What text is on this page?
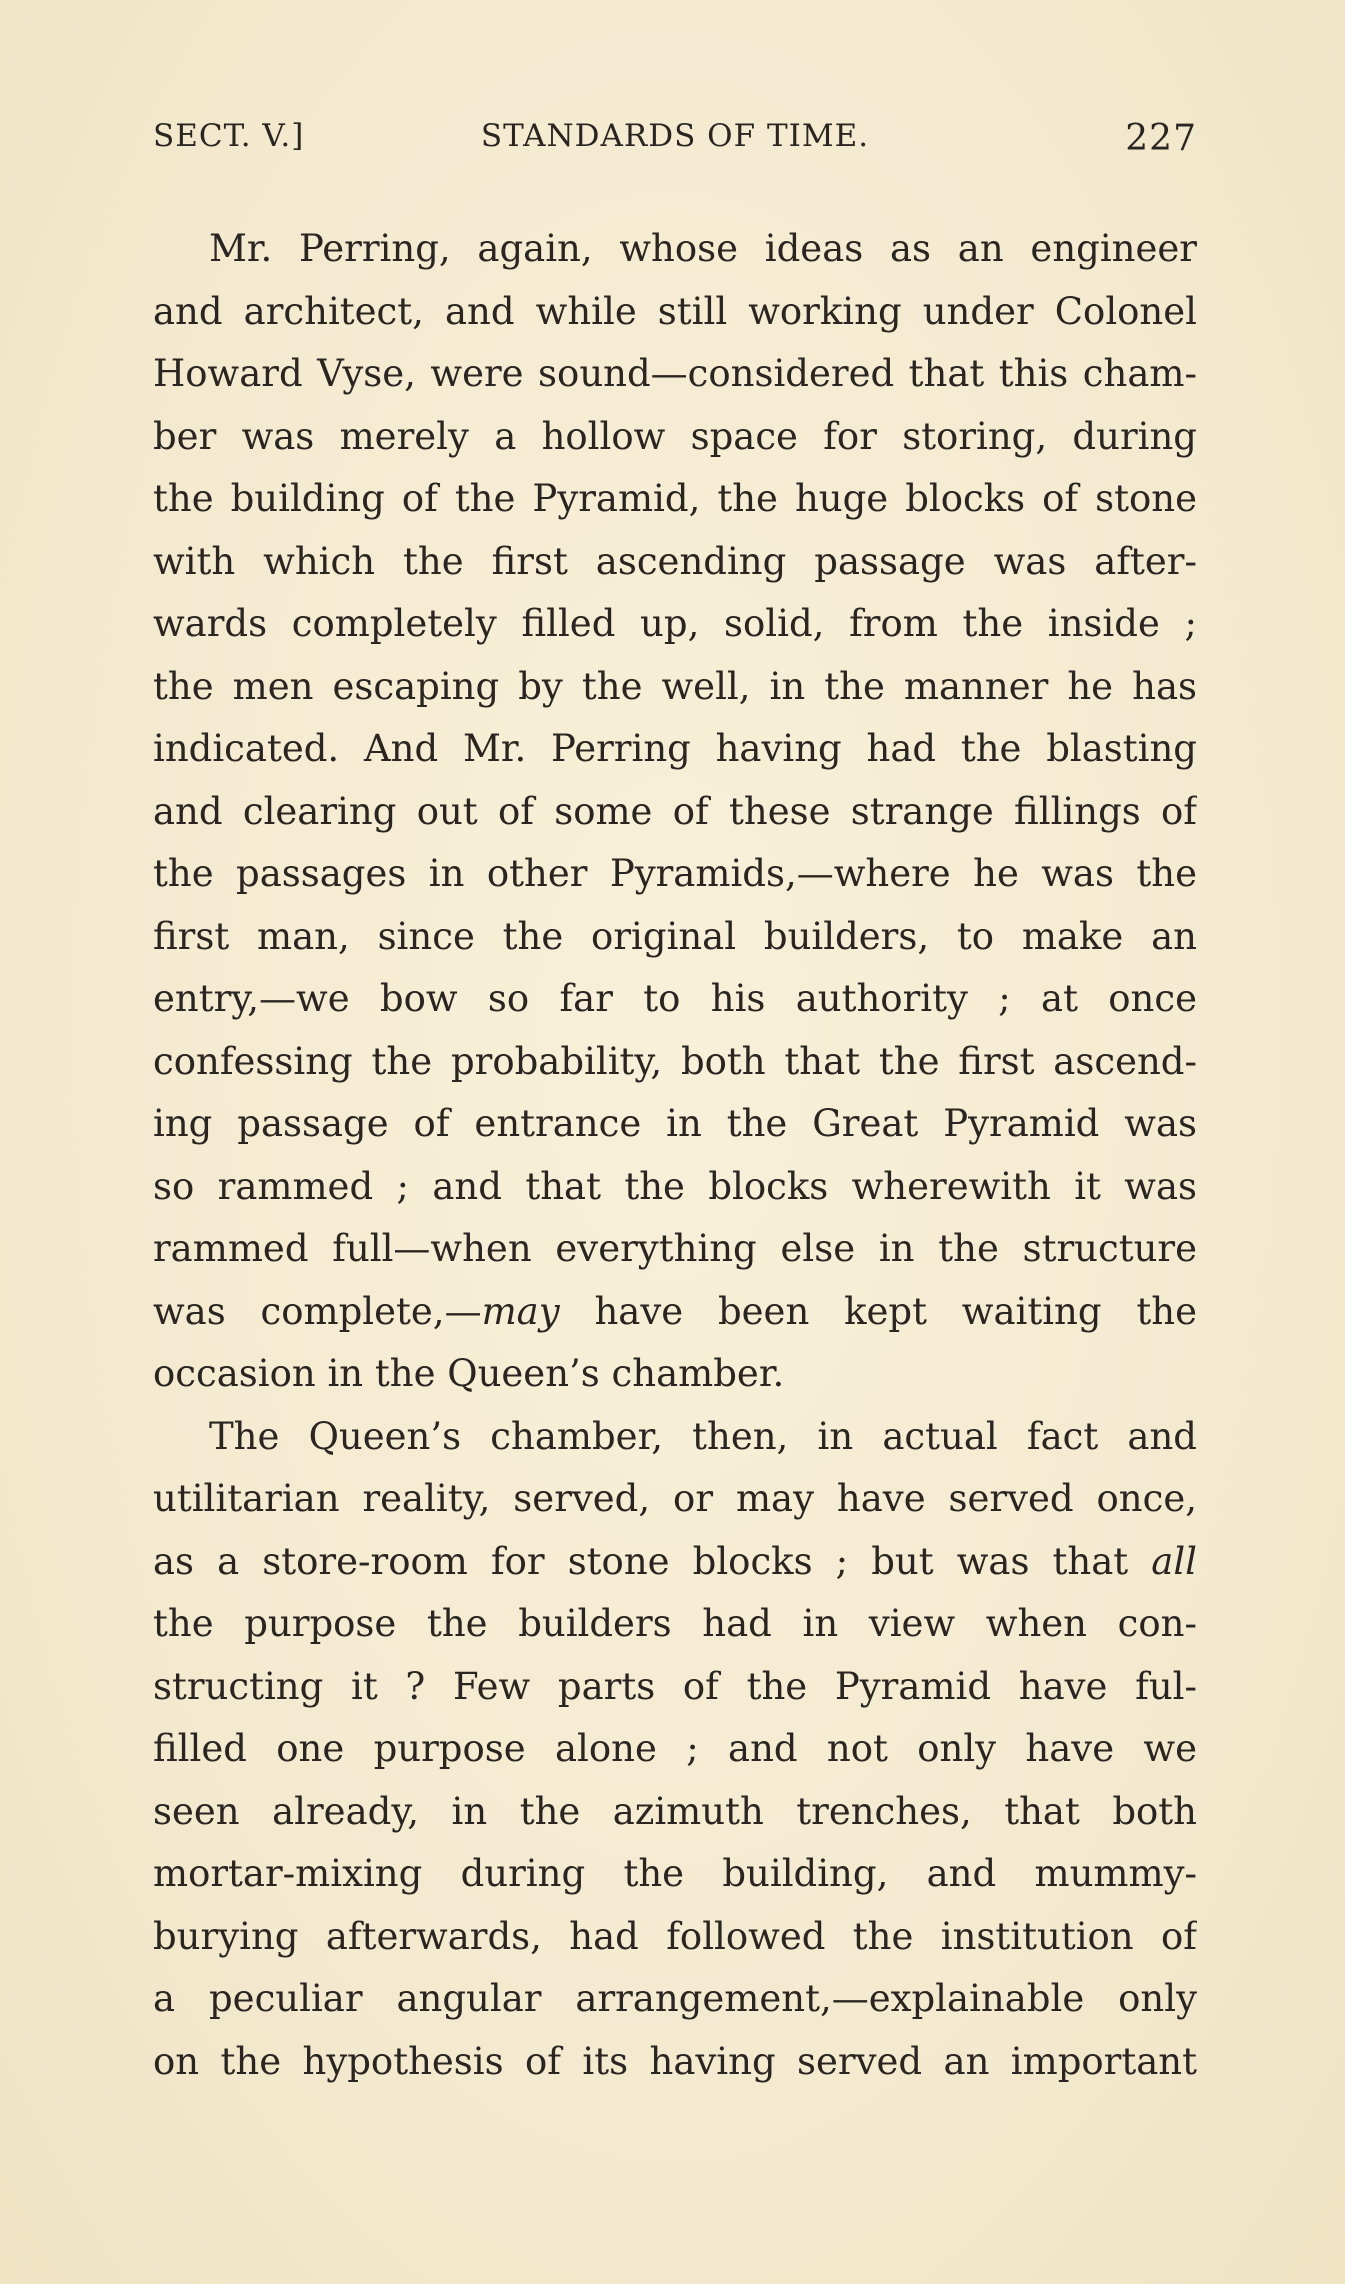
SECT. V.]	STANDARDS OF TIME.	227
Mr. Perring, again, whose ideas as an engineer
and architect, and while still working under Colonel
Howard Vyse, were sound—considered that this cham-
ber was merely a hollow space for storing, during
the building of the Pyramid, the huge blocks of stone
with which the first ascending passage was after-
wards completely filled up, solid, from the inside ;
the men escaping by the well, in the manner he has
indicated. And Mr. Perring having had the blasting
and clearing out of some of these strange fillings of
the passages in other Pyramids,—where he was the
first man, since the original builders, to make an
entry,—we bow so far to his authority ; at once
confessing the probability, both that the first ascend-
ing passage of entrance in the Great Pyramid was
so rammed ; and that the blocks wherewith it was
rammed full—when everything else in the structure
was complete,—may have been kept waiting the
occasion in the Queen’s chamber.
The Queen’s chamber, then, in actual fact and
utilitarian reality, served, or may have served once,
as a store-room for stone blocks ; but was that all
the purpose the builders had in view when con-
structing it ? Few parts of the Pyramid have ful-
filled one purpose alone ; and not only have we
seen already, in the azimuth trenches, that both
mortar-mixing during the building, and mummy-
burying afterwards, had followed the institution of
a peculiar angular arrangement,—explainable only
on the hypothesis of its having served an important
